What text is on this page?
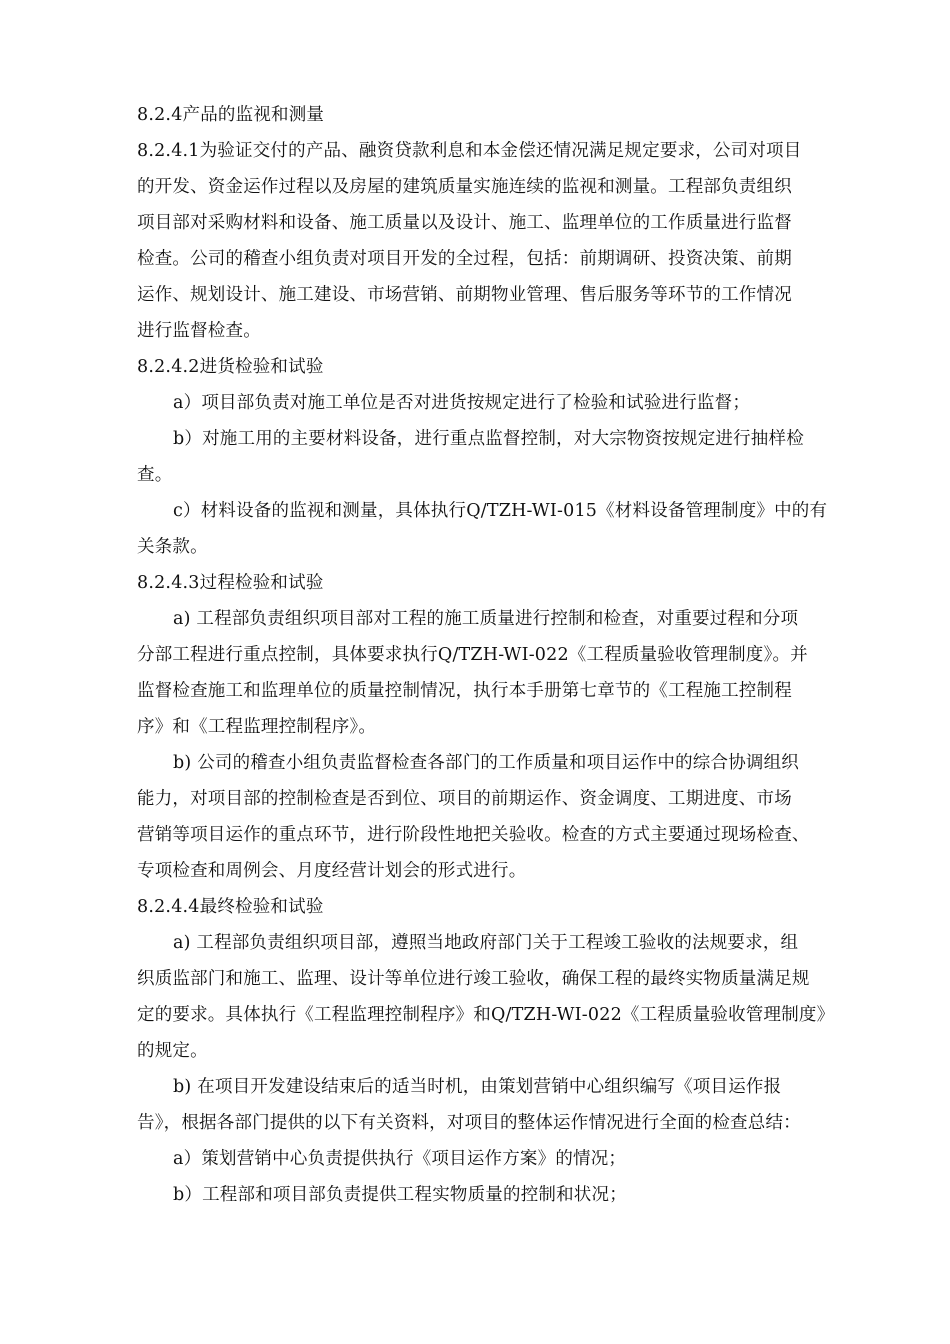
8.2.4产品的监视和测量
8.2.4.1为验证交付的产品、融资贷款利息和本金偿还情况满足规定要求，公司对项目
的开发、资金运作过程以及房屋的建筑质量实施连续的监视和测量。工程部负责组织
项目部对采购材料和设备、施工质量以及设计、施工、监理单位的工作质量进行监督
检查。公司的稽查小组负责对项目开发的全过程，包括：前期调研、投资决策、前期
运作、规划设计、施工建设、市场营销、前期物业管理、售后服务等环节的工作情况
进行监督检查。
8.2.4.2进货检验和试验
a）项目部负责对施工单位是否对进货按规定进行了检验和试验进行监督；
b）对施工用的主要材料设备，进行重点监督控制，对大宗物资按规定进行抽样检
查。
c）材料设备的监视和测量，具体执行Q/TZH-WI-015《材料设备管理制度》中的有
关条款。
8.2.4.3过程检验和试验
a) 工程部负责组织项目部对工程的施工质量进行控制和检查，对重要过程和分项
分部工程进行重点控制，具体要求执行Q/TZH-WI-022《工程质量验收管理制度》。并
监督检查施工和监理单位的质量控制情况，执行本手册第七章节的《工程施工控制程
序》和《工程监理控制程序》。
b) 公司的稽查小组负责监督检查各部门的工作质量和项目运作中的综合协调组织
能力，对项目部的控制检查是否到位、项目的前期运作、资金调度、工期进度、市场
营销等项目运作的重点环节，进行阶段性地把关验收。检查的方式主要通过现场检查、
专项检查和周例会、月度经营计划会的形式进行。
8.2.4.4最终检验和试验
a) 工程部负责组织项目部，遵照当地政府部门关于工程竣工验收的法规要求，组
织质监部门和施工、监理、设计等单位进行竣工验收，确保工程的最终实物质量满足规
定的要求。具体执行《工程监理控制程序》和Q/TZH-WI-022《工程质量验收管理制度》
的规定。
b) 在项目开发建设结束后的适当时机，由策划营销中心组织编写《项目运作报
告》，根据各部门提供的以下有关资料，对项目的整体运作情况进行全面的检查总结：
a）策划营销中心负责提供执行《项目运作方案》的情况；
b）工程部和项目部负责提供工程实物质量的控制和状况；
